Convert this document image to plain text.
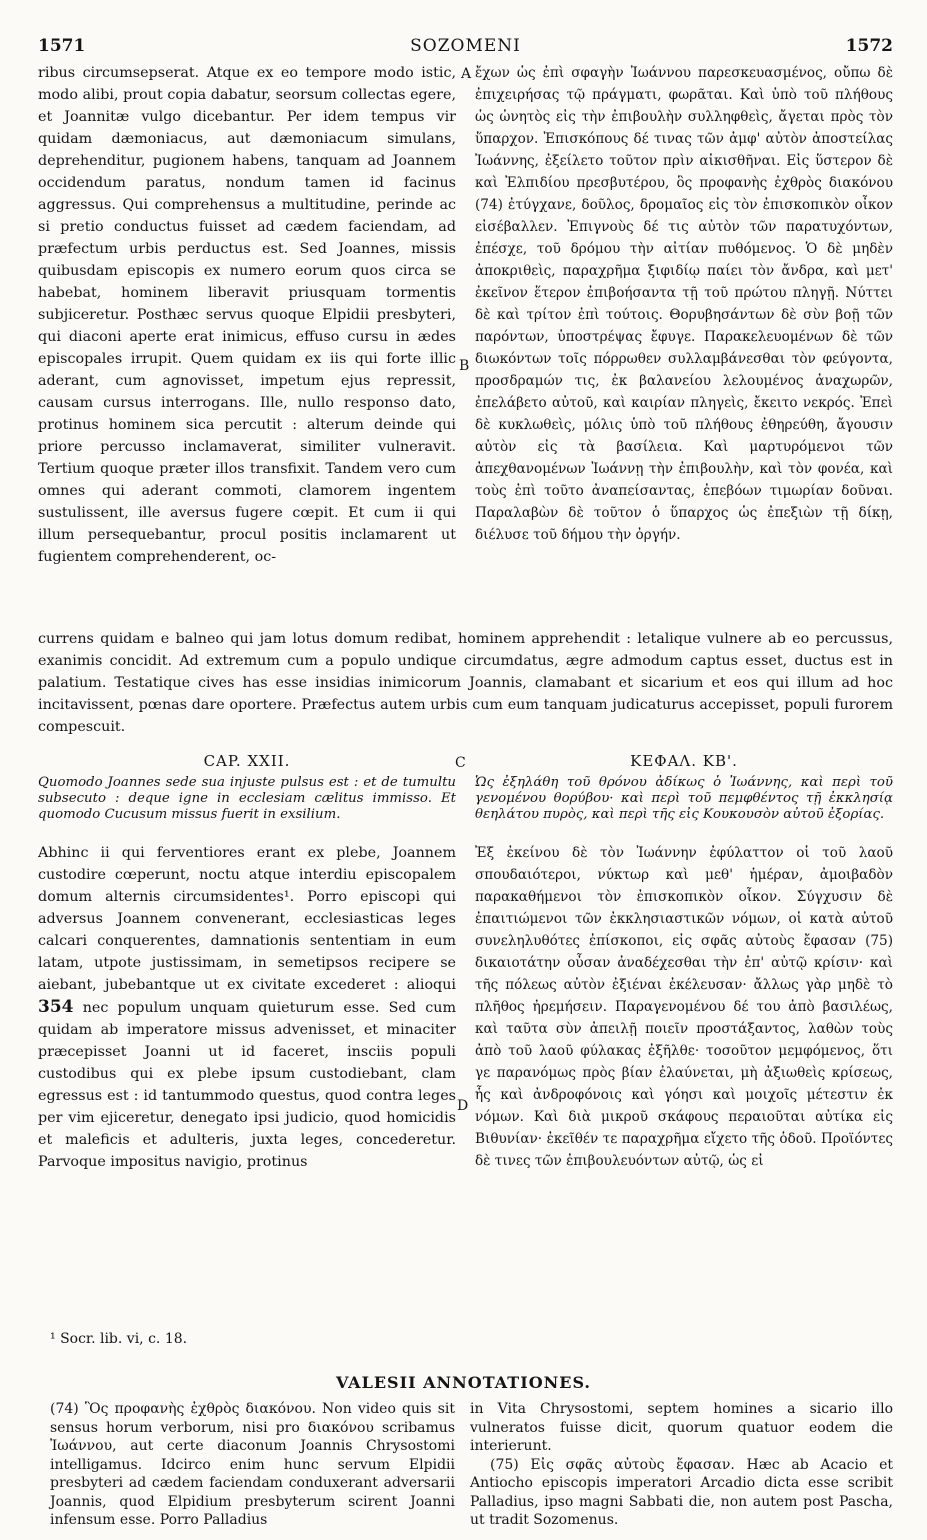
1571	SOZOMENI	1572

ribus circumsepserat. Atque ex eo tempore modo istic, modo alibi, prout copia dabatur, seorsum collectas egere, et Joannitæ vulgo dicebantur. Per idem tempus vir quidam dæmoniacus, aut dæmoniacum simulans, deprehenditur, pugionem habens, tanquam ad Joannem occidendum paratus, nondum tamen id facinus aggressus. Qui comprehensus a multitudine, perinde ac si pretio conductus fuisset ad cædem faciendam, ad præfectum urbis perductus est. Sed Joannes, missis quibusdam episcopis ex numero eorum quos circa se habebat, hominem liberavit priusquam tormentis subjiceretur. Posthæc servus quoque Elpidii presbyteri, qui diaconi aperte erat inimicus, effuso cursu in ædes episcopales irrupit. Quem quidam ex iis qui forte illic aderant, cum agnovisset, impetum ejus repressit, causam cursus interrogans. Ille, nullo responso dato, protinus hominem sica percutit : alterum deinde qui priore percusso inclamaverat, similiter vulneravit. Tertium quoque præter illos transfixit. Tandem vero cum omnes qui aderant commoti, clamorem ingentem sustulissent, ille aversus fugere cœpit. Et cum ii qui illum persequebantur, procul positis inclamarent ut fugientem comprehenderent, oc-

ἔχων ὡς ἐπὶ σφαγὴν Ἰωάννου παρεσκευασμένος, οὔπω δὲ ἐπιχειρήσας τῷ πράγματι, φωρᾶται. Καὶ ὑπὸ τοῦ πλήθους ὡς ὠνητὸς εἰς τὴν ἐπιβουλὴν συλληφθεὶς, ἄγεται πρὸς τὸν ὕπαρχον. Ἐπισκόπους δέ τινας τῶν ἀμφ' αὐτὸν ἀποστείλας Ἰωάννης, ἐξείλετο τοῦτον πρὶν αἰκισθῆναι. Εἰς ὕστερον δὲ καὶ Ἐλπιδίου πρεσβυτέρου, ὃς προφανὴς ἐχθρὸς διακόνου (74) ἐτύγχανε, δοῦλος, δρομαῖος εἰς τὸν ἐπισκοπικὸν οἶκον εἰσέβαλλεν. Ἐπιγνοὺς δέ τις αὐτὸν τῶν παρατυχόντων, ἐπέσχε, τοῦ δρόμου τὴν αἰτίαν πυθόμενος. Ὁ δὲ μηδὲν ἀποκριθεὶς, παραχρῆμα ξιφιδίῳ παίει τὸν ἄνδρα, καὶ μετ' ἐκεῖνον ἕτερον ἐπιβοήσαντα τῇ τοῦ πρώτου πληγῇ. Νύττει δὲ καὶ τρίτον ἐπὶ τούτοις. Θορυβησάντων δὲ σὺν βοῇ τῶν παρόντων, ὑποστρέψας ἔφυγε. Παρακελευομένων δὲ τῶν διωκόντων τοῖς πόρρωθεν συλλαμβάνεσθαι τὸν φεύγοντα, προσδραμών τις, ἐκ βαλανείου λελουμένος ἀναχωρῶν, ἐπελάβετο αὐτοῦ, καὶ καιρίαν πληγεὶς, ἔκειτο νεκρός. Ἐπεὶ δὲ κυκλωθεὶς, μόλις ὑπὸ τοῦ πλήθους ἐθηρεύθη, ἄγουσιν αὐτὸν εἰς τὰ βασίλεια. Καὶ μαρτυρόμενοι τῶν ἀπεχθανομένων Ἰωάννῃ τὴν ἐπιβουλὴν, καὶ τὸν φονέα, καὶ τοὺς ἐπὶ τοῦτο ἀναπείσαντας, ἐπεβόων τιμωρίαν δοῦναι. Παραλαβὼν δὲ τοῦτον ὁ ὕπαρχος ὡς ἐπεξιὼν τῇ δίκῃ, διέλυσε τοῦ δήμου τὴν ὀργήν.

A
B
C
D

currens quidam e balneo qui jam lotus domum redibat, hominem apprehendit : letalique vulnere ab eo percussus, exanimis concidit. Ad extremum cum a populo undique circumdatus, ægre admodum captus esset, ductus est in palatium. Testatique cives has esse insidias inimicorum Joannis, clamabant et sicarium et eos qui illum ad hoc incitavissent, pœnas dare oportere. Præfectus autem urbis cum eum tanquam judicaturus accepisset, populi furorem compescuit.

CAP. XXII.	ΚΕΦΑΛ. ΚΒ'.

Quomodo Joannes sede sua injuste pulsus est : et de tumultu subsecuto : deque igne in ecclesiam cælitus immisso. Et quomodo Cucusum missus fuerit in exsilium.

Ὡς ἐξηλάθη τοῦ θρόνου ἀδίκως ὁ Ἰωάννης, καὶ περὶ τοῦ γενομένου θορύβου· καὶ περὶ τοῦ πεμφθέντος τῇ ἐκκλησίᾳ θεηλάτου πυρὸς, καὶ περὶ τῆς εἰς Κουκουσὸν αὐτοῦ ἐξορίας.

Abhinc ii qui ferventiores erant ex plebe, Joannem custodire cœperunt, noctu atque interdiu episcopalem domum alternis circumsidentes¹. Porro episcopi qui adversus Joannem convenerant, ecclesiasticas leges calcari conquerentes, damnationis sententiam in eum latam, utpote justissimam, in semetipsos recipere se aiebant, jubebantque ut ex civitate excederet : alioqui 354 nec populum unquam quieturum esse. Sed cum quidam ab imperatore missus advenisset, et minaciter præcepisset Joanni ut id faceret, insciis populi custodibus qui ex plebe ipsum custodiebant, clam egressus est : id tantummodo questus, quod contra leges per vim ejiceretur, denegato ipsi judicio, quod homicidis et maleficis et adulteris, juxta leges, concederetur. Parvoque impositus navigio, protinus

Ἐξ ἐκείνου δὲ τὸν Ἰωάννην ἐφύλαττον οἱ τοῦ λαοῦ σπουδαιότεροι, νύκτωρ καὶ μεθ' ἡμέραν, ἀμοιβαδὸν παρακαθήμενοι τὸν ἐπισκοπικὸν οἶκον. Σύγχυσιν δὲ ἐπαιτιώμενοι τῶν ἐκκλησιαστικῶν νόμων, οἱ κατὰ αὐτοῦ συνεληλυθότες ἐπίσκοποι, εἰς σφᾶς αὐτοὺς ἔφασαν (75) δικαιοτάτην οὖσαν ἀναδέχεσθαι τὴν ἐπ' αὐτῷ κρίσιν· καὶ τῆς πόλεως αὐτὸν ἐξιέναι ἐκέλευσαν· ἄλλως γὰρ μηδὲ τὸ πλῆθος ἠρεμήσειν. Παραγενομένου δέ του ἀπὸ βασιλέως, καὶ ταῦτα σὺν ἀπειλῇ ποιεῖν προστάξαντος, λαθὼν τοὺς ἀπὸ τοῦ λαοῦ φύλακας ἐξῆλθε· τοσοῦτον μεμφόμενος, ὅτι γε παρανόμως πρὸς βίαν ἐλαύνεται, μὴ ἀξιωθεὶς κρίσεως, ἧς καὶ ἀνδροφόνοις καὶ γόησι καὶ μοιχοῖς μέτεστιν ἐκ νόμων. Καὶ διὰ μικροῦ σκάφους περαιοῦται αὐτίκα εἰς Βιθυνίαν· ἐκεῖθέν τε παραχρῆμα εἴχετο τῆς ὁδοῦ. Προϊόντες δὲ τινες τῶν ἐπιβουλευόντων αὐτῷ, ὡς εἰ

¹ Socr. lib. vi, c. 18.
VALESII ANNOTATIONES.

(74) Ὃς προφανὴς ἐχθρὸς διακόνου. Non video quis sit sensus horum verborum, nisi pro διακόνου scribamus Ἰωάννου, aut certe diaconum Joannis Chrysostomi intelligamus. Idcirco enim hunc servum Elpidii presbyteri ad cædem faciendam conduxerant adversarii Joannis, quod Elpidium presbyterum scirent Joanni infensum esse. Porro Palladius

in Vita Chrysostomi, septem homines a sicario illo vulneratos fuisse dicit, quorum quatuor eodem die interierunt.

(75) Εἰς σφᾶς αὐτοὺς ἔφασαν. Hæc ab Acacio et Antiocho episcopis imperatori Arcadio dicta esse scribit Palladius, ipso magni Sabbati die, non autem post Pascha, ut tradit Sozomenus.
